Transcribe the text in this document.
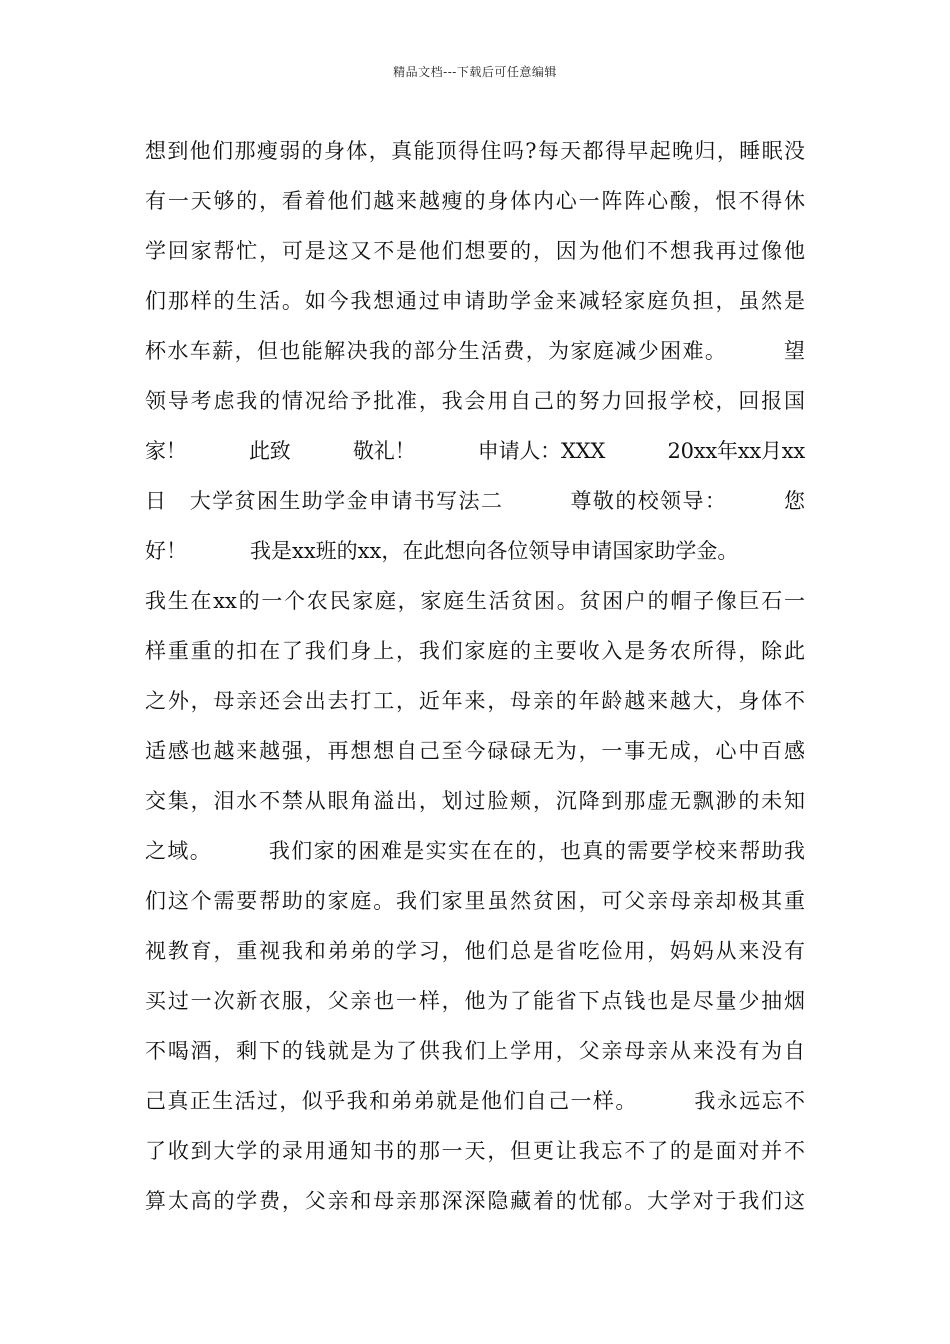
精品文档---下载后可任意编辑
想到他们那瘦弱的身体，真能顶得住吗?每天都得早起晚归，睡眠没
有一天够的，看着他们越来越瘦的身体内心一阵阵心酸，恨不得休
学回家帮忙，可是这又不是他们想要的，因为他们不想我再过像他
们那样的生活。如今我想通过申请助学金来减轻家庭负担，虽然是
杯水车薪，但也能解决我的部分生活费，为家庭减少困难。　　　望
领导考虑我的情况给予批准，我会用自己的努力回报学校，回报国
家！　　　此致　　　敬礼！　　　申请人：XXX　　　20xx年xx月xx
日　大学贫困生助学金申请书写法二　　　尊敬的校领导：　　　您
好！　　　我是xx班的xx，在此想向各位领导申请国家助学金。
我生在xx的一个农民家庭，家庭生活贫困。贫困户的帽子像巨石一
样重重的扣在了我们身上，我们家庭的主要收入是务农所得，除此
之外，母亲还会出去打工，近年来，母亲的年龄越来越大，身体不
适感也越来越强，再想想自己至今碌碌无为，一事无成，心中百感
交集，泪水不禁从眼角溢出，划过脸颊，沉降到那虚无飘渺的未知
之域。　　　我们家的困难是实实在在的，也真的需要学校来帮助我
们这个需要帮助的家庭。我们家里虽然贫困，可父亲母亲却极其重
视教育，重视我和弟弟的学习，他们总是省吃俭用，妈妈从来没有
买过一次新衣服，父亲也一样，他为了能省下点钱也是尽量少抽烟
不喝酒，剩下的钱就是为了供我们上学用，父亲母亲从来没有为自
己真正生活过，似乎我和弟弟就是他们自己一样。　　　我永远忘不
了收到大学的录用通知书的那一天，但更让我忘不了的是面对并不
算太高的学费，父亲和母亲那深深隐藏着的忧郁。大学对于我们这
